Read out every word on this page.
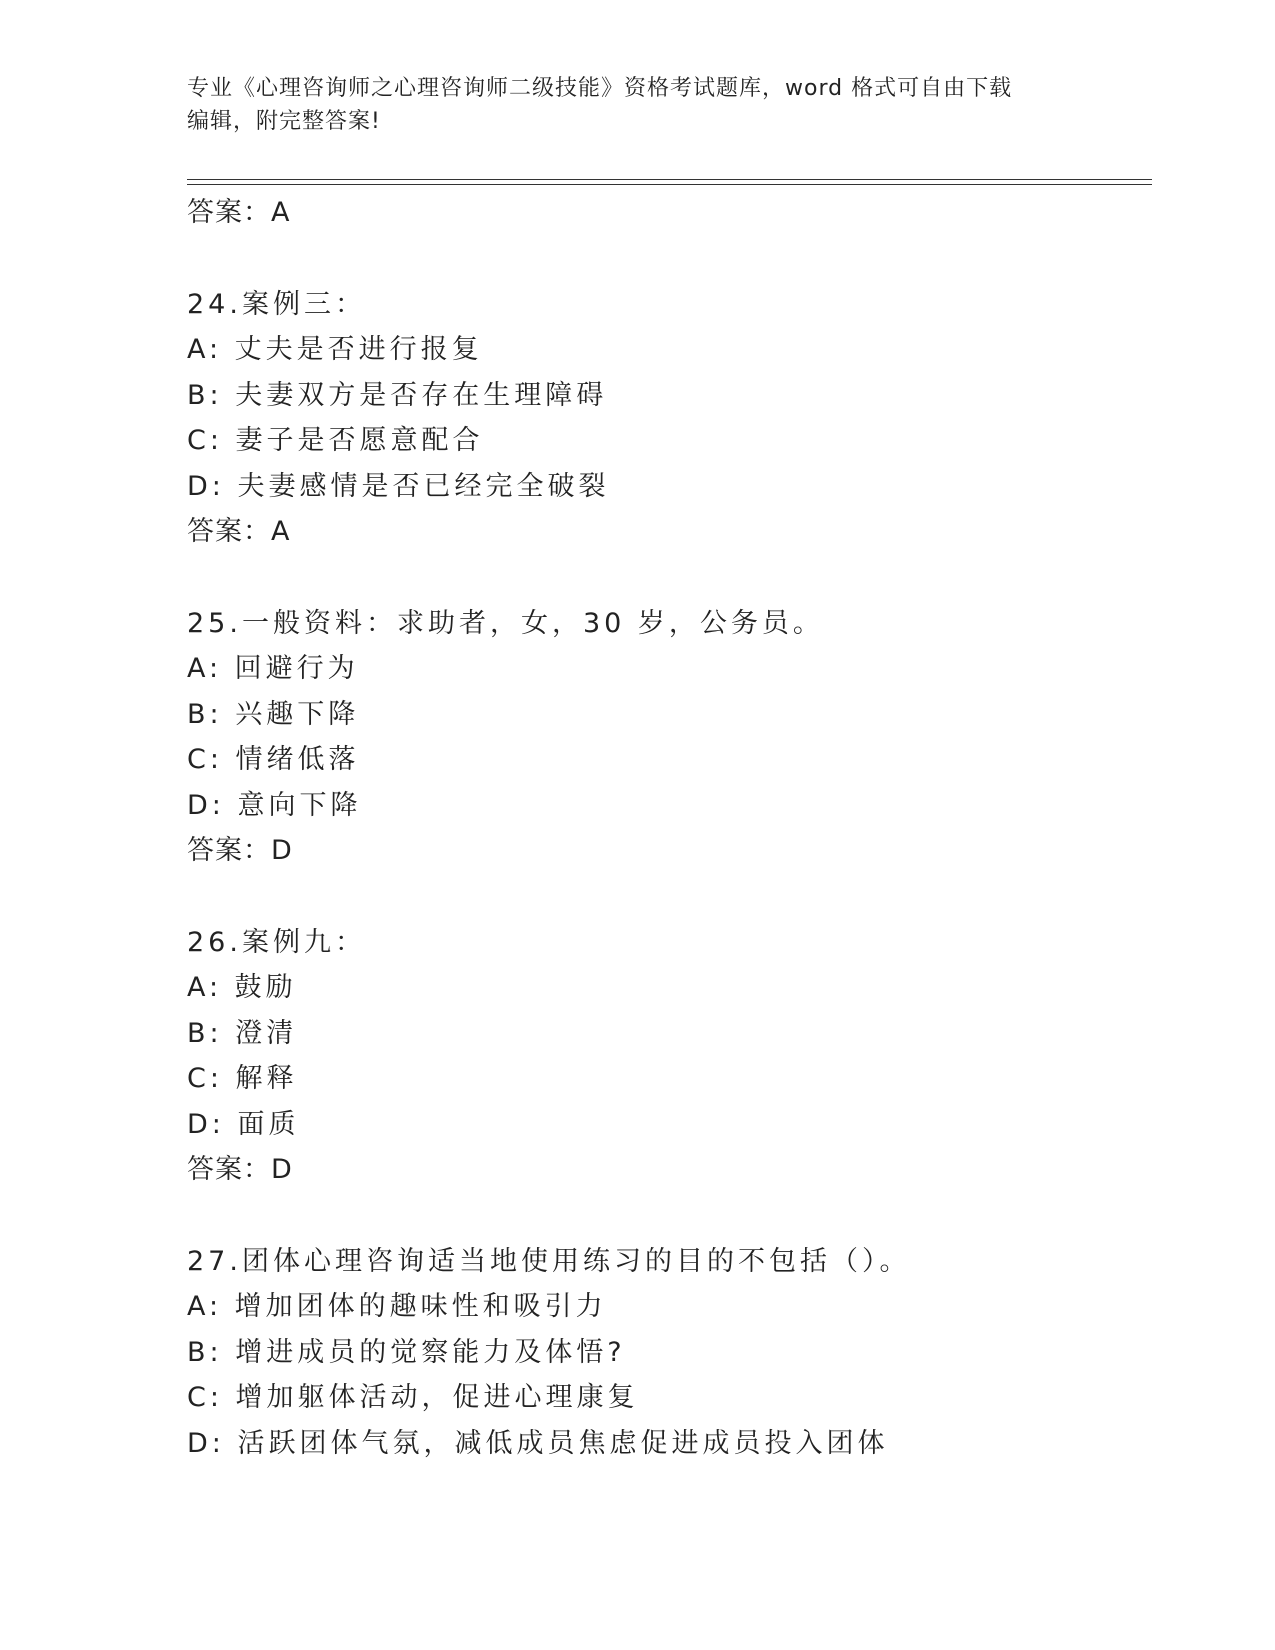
专业《心理咨询师之心理咨询师二级技能》资格考试题库，word 格式可自由下载
编辑，附完整答案!
答案：A
24.案例三：
A: 丈夫是否进行报复
B: 夫妻双方是否存在生理障碍
C: 妻子是否愿意配合
D: 夫妻感情是否已经完全破裂
答案：A
25.一般资料：求助者，女，30 岁，公务员。
A: 回避行为
B: 兴趣下降
C: 情绪低落
D: 意向下降
答案：D
26.案例九：
A: 鼓励
B: 澄清
C: 解释
D: 面质
答案：D
27.团体心理咨询适当地使用练习的目的不包括（）。
A: 增加团体的趣味性和吸引力
B: 增进成员的觉察能力及体悟?
C: 增加躯体活动，促进心理康复
D: 活跃团体气氛，减低成员焦虑促进成员投入团体
